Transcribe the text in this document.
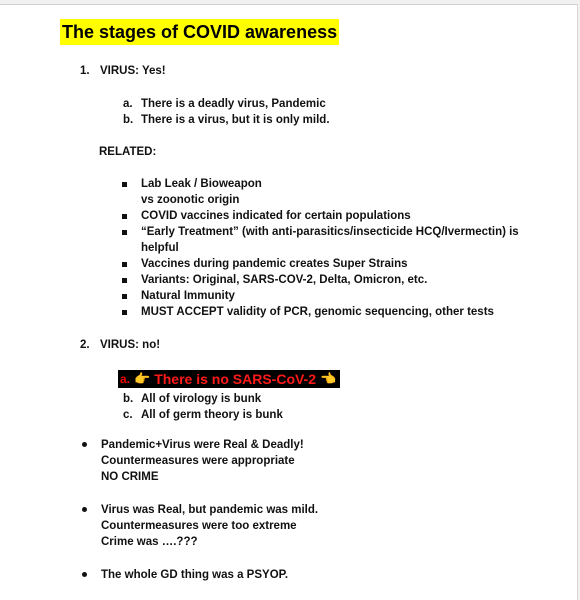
The stages of COVID awareness
1. VIRUS: Yes!
a. There is a deadly virus, Pandemic
b. There is a virus, but it is only mild.
RELATED:
Lab Leak / Bioweapon
vs zoonotic origin
COVID vaccines indicated for certain populations
“Early Treatment” (with anti-parasitics/insecticide HCQ/Ivermectin) is
helpful
Vaccines during pandemic creates Super Strains
Variants: Original, SARS-COV-2, Delta, Omicron, etc.
Natural Immunity
MUST ACCEPT validity of PCR, genomic sequencing, other tests
2. VIRUS: no!
a. 👉 There is no SARS-CoV-2 👈
b. All of virology is bunk
c. All of germ theory is bunk
Pandemic+Virus were Real & Deadly!
Countermeasures were appropriate
NO CRIME
Virus was Real, but pandemic was mild.
Countermeasures were too extreme
Crime was ….???
The whole GD thing was a PSYOP.
